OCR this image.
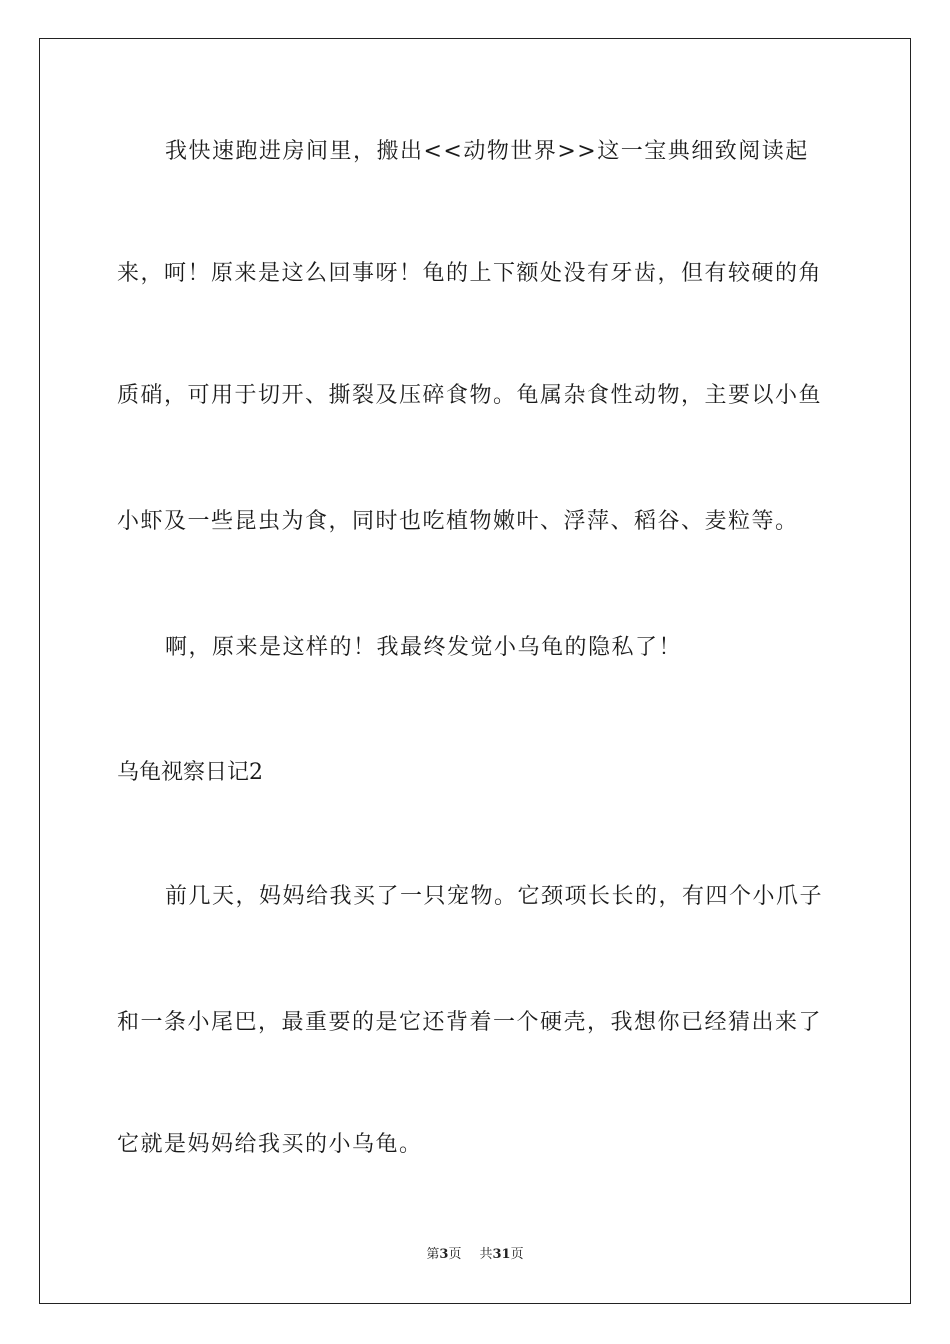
我快速跑进房间里，搬出<<动物世界>>这一宝典细致阅读起
来，呵！原来是这么回事呀！龟的上下额处没有牙齿，但有较硬的角
质硝，可用于切开、撕裂及压碎食物。龟属杂食性动物，主要以小鱼
小虾及一些昆虫为食，同时也吃植物嫩叶、浮萍、稻谷、麦粒等。
啊，原来是这样的！我最终发觉小乌龟的隐私了！
乌龟视察日记2
前几天，妈妈给我买了一只宠物。它颈项长长的，有四个小爪子
和一条小尾巴，最重要的是它还背着一个硬壳，我想你已经猜出来了
它就是妈妈给我买的小乌龟。
第3页 共31页
